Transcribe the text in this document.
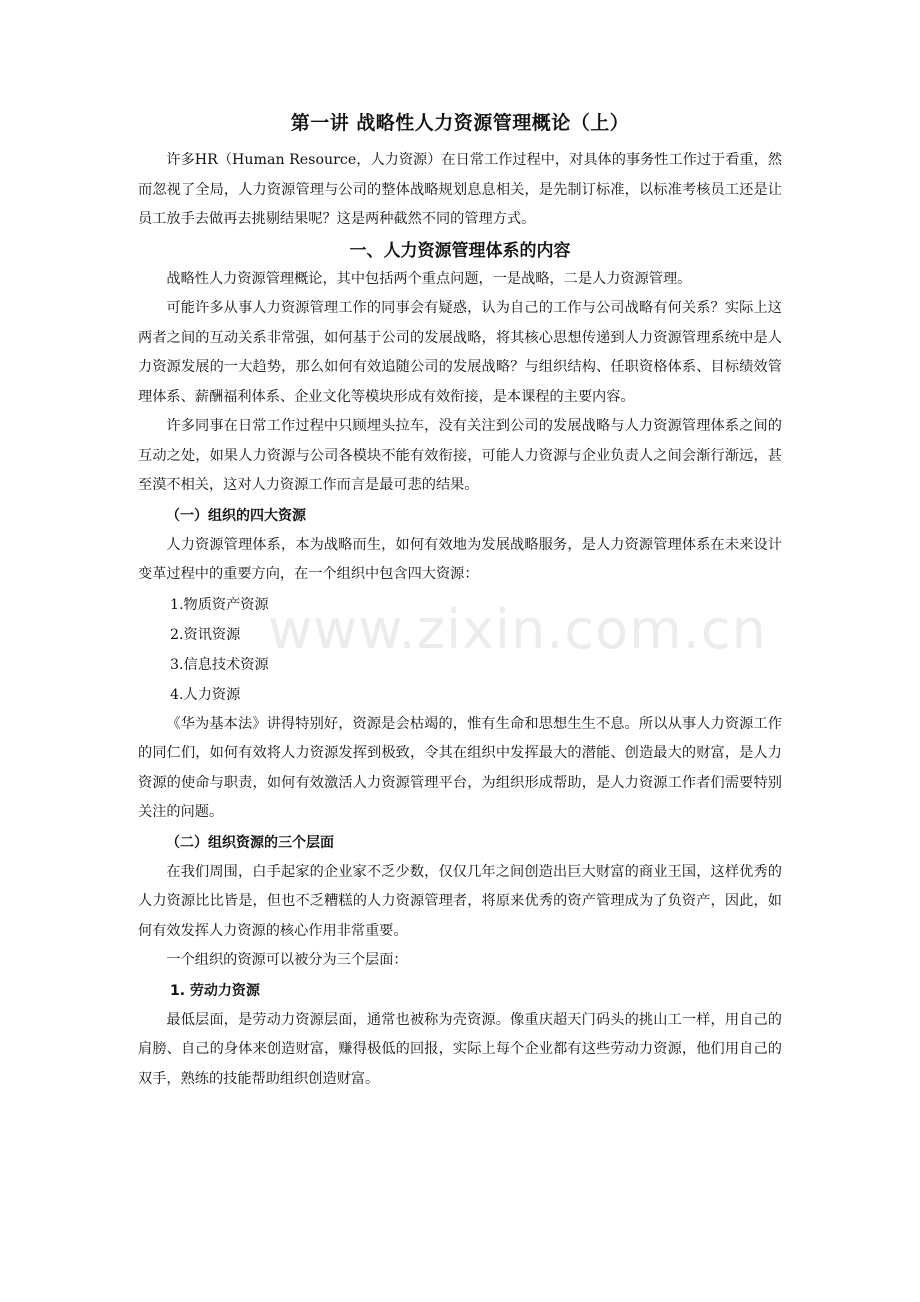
第一讲 战略性人力资源管理概论（上）

许多HR（Human Resource，人力资源）在日常工作过程中，对具体的事务性工作过于看重，然而忽视了全局，人力资源管理与公司的整体战略规划息息相关，是先制订标准，以标准考核员工还是让员工放手去做再去挑剔结果呢？这是两种截然不同的管理方式。

一、人力资源管理体系的内容

战略性人力资源管理概论，其中包括两个重点问题，一是战略，二是人力资源管理。

可能许多从事人力资源管理工作的同事会有疑惑，认为自己的工作与公司战略有何关系？实际上这两者之间的互动关系非常强，如何基于公司的发展战略，将其核心思想传递到人力资源管理系统中是人力资源发展的一大趋势，那么如何有效追随公司的发展战略？与组织结构、任职资格体系、目标绩效管理体系、薪酬福利体系、企业文化等模块形成有效衔接，是本课程的主要内容。

许多同事在日常工作过程中只顾埋头拉车，没有关注到公司的发展战略与人力资源管理体系之间的互动之处，如果人力资源与公司各模块不能有效衔接，可能人力资源与企业负责人之间会渐行渐远，甚至漠不相关，这对人力资源工作而言是最可悲的结果。

（一）组织的四大资源

人力资源管理体系，本为战略而生，如何有效地为发展战略服务，是人力资源管理体系在未来设计变革过程中的重要方向，在一个组织中包含四大资源：

1.物质资产资源

2.资讯资源

3.信息技术资源

4.人力资源

《华为基本法》讲得特别好，资源是会枯竭的，惟有生命和思想生生不息。所以从事人力资源工作的同仁们，如何有效将人力资源发挥到极致，令其在组织中发挥最大的潜能、创造最大的财富，是人力资源的使命与职责，如何有效激活人力资源管理平台，为组织形成帮助，是人力资源工作者们需要特别关注的问题。

（二）组织资源的三个层面

在我们周围，白手起家的企业家不乏少数，仅仅几年之间创造出巨大财富的商业王国，这样优秀的人力资源比比皆是，但也不乏糟糕的人力资源管理者，将原来优秀的资产管理成为了负资产，因此，如何有效发挥人力资源的核心作用非常重要。

一个组织的资源可以被分为三个层面：

1. 劳动力资源

最低层面，是劳动力资源层面，通常也被称为壳资源。像重庆超天门码头的挑山工一样，用自己的肩膀、自己的身体来创造财富，赚得极低的回报，实际上每个企业都有这些劳动力资源，他们用自己的双手，熟练的技能帮助组织创造财富。

www.zixin.com.cn
